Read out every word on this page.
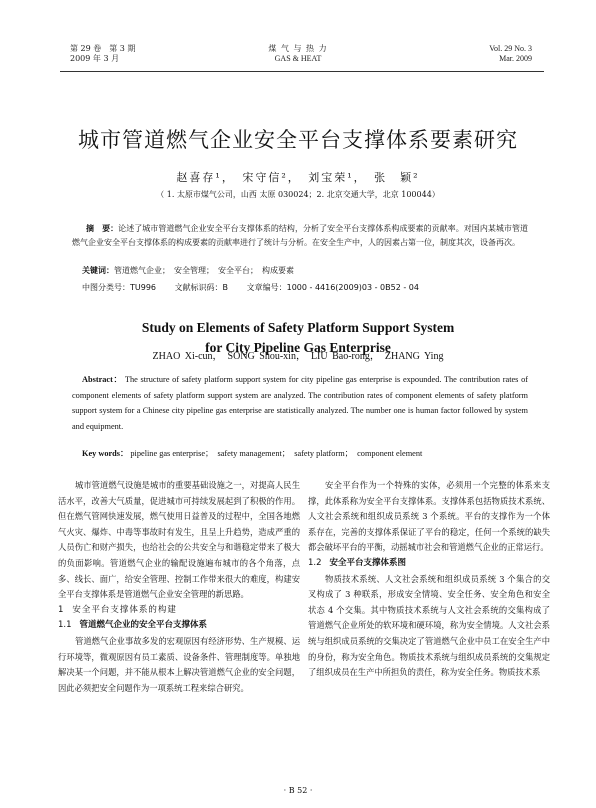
第 29 卷　第 3 期
2009 年 3 月
煤 气 与 热 力
GAS & HEAT
Vol. 29 No. 3
Mar. 2009
城市管道燃气企业安全平台支撑体系要素研究
赵喜存¹，　宋守信²，　刘宝荣¹，　张　颖²
（ 1. 太原市煤气公司，山西 太原 030024；2. 北京交通大学，北京 100044）
摘　要：论述了城市管道燃气企业安全平台支撑体系的结构，分析了安全平台支撑体系构成要素的贡献率。对国内某城市管道燃气企业安全平台支撑体系的构成要素的贡献率进行了统计与分析。在安全生产中，人的因素占第一位，制度其次，设备再次。
关键词：管道燃气企业；　安全管理；　安全平台；　构成要素
中图分类号：TU996 文献标识码：B 文章编号：1000 - 4416(2009)03 - 0B52 - 04
Study on Elements of Safety Platform Support System
for City Pipeline Gas Enterprise
ZHAO Xi-cun，　SONG Shou-xin，　LIU Bao-rong，　ZHANG Ying
Abstract： The structure of safety platform support system for city pipeline gas enterprise is expounded. The contribution rates of component elements of safety platform support system are analyzed. The contribution rates of component elements of safety platform support system for a Chinese city pipeline gas enterprise are statistically analyzed. The number one is human factor followed by system and equipment.
Key words： pipeline gas enterprise；　safety management；　safety platform；　component element

城市管道燃气设施是城市的重要基础设施之一，对提高人民生活水平，改善大气质量，促进城市可持续发展起到了积极的作用。但在燃气管网快速发展，燃气使用日益普及的过程中，全国各地燃气火灾、爆炸、中毒等事故时有发生，且呈上升趋势，造成严重的人员伤亡和财产损失，也给社会的公共安全与和谐稳定带来了极大的负面影响。管道燃气企业的输配设施遍布城市的各个角落，点多、线长、面广，给安全管理、控制工作带来很大的难度，构建安全平台支撑体系是管道燃气企业安全管理的新思路。

1 安全平台支撑体系的构建
1.1 管道燃气企业的安全平台支撑体系

管道燃气企业事故多发的宏观原因有经济形势、生产规模、运行环境等，微观原因有员工素质、设备条件、管理制度等。单独地解决某一个问题，并不能从根本上解决管道燃气企业的安全问题，因此必须把安全问题作为一项系统工程来综合研究。

安全平台作为一个特殊的实体，必须用一个完整的体系来支撑，此体系称为安全平台支撑体系。支撑体系包括物质技术系统、人文社会系统和组织成员系统 3 个系统。平台的支撑作为一个体系存在，完善的支撑体系保证了平台的稳定，任何一个系统的缺失都会破坏平台的平衡，动摇城市社会和管道燃气企业的正常运行。

1.2 安全平台支撑体系图

物质技术系统、人文社会系统和组织成员系统 3 个集合的交叉构成了 3 种联系，形成安全情境、安全任务、安全角色和安全状态 4 个交集。其中物质技术系统与人文社会系统的交集构成了管道燃气企业所处的软环境和硬环境，称为安全情境。人文社会系统与组织成员系统的交集决定了管道燃气企业中员工在安全生产中的身份，称为安全角色。物质技术系统与组织成员系统的交集规定了组织成员在生产中所担负的责任，称为安全任务。物质技术系

· B 52 ·
